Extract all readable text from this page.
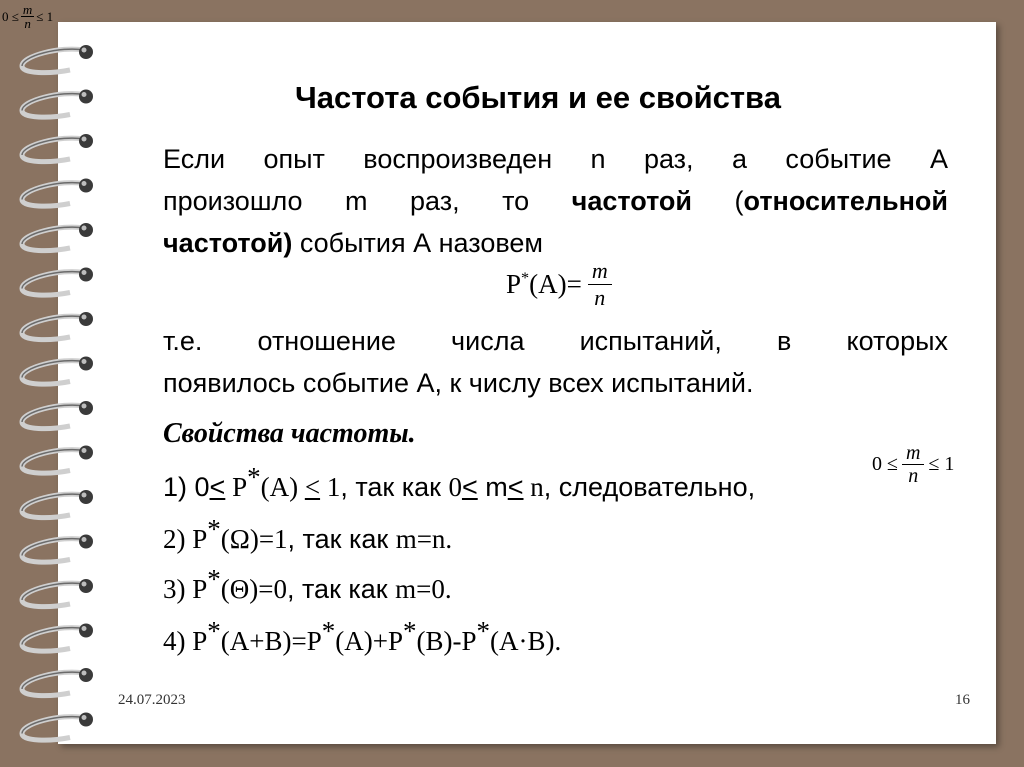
$0 \le \frac{m}{n} \le 1$
Частота события и ее свойства
Если опыт воспроизведен n раз, а событие А
произошло m раз, то частотой (относительной
частотой) события А назовем
$P^*(A)= \frac{m}{n}$
т.е. отношение числа испытаний, в которых
появилось событие А, к числу всех испытаний.
Свойства частоты.
1) 0< P*(A) < 1, так как 0< m< n, следовательно,
$0 \le \frac{m}{n} \le 1$
2) P*(Ω)=1, так как m=n.
3) P*(Θ)=0, так как m=0.
4) P*(A+B)=P*(A)+P*(B)-P*(A·B).
24.07.2023	16
